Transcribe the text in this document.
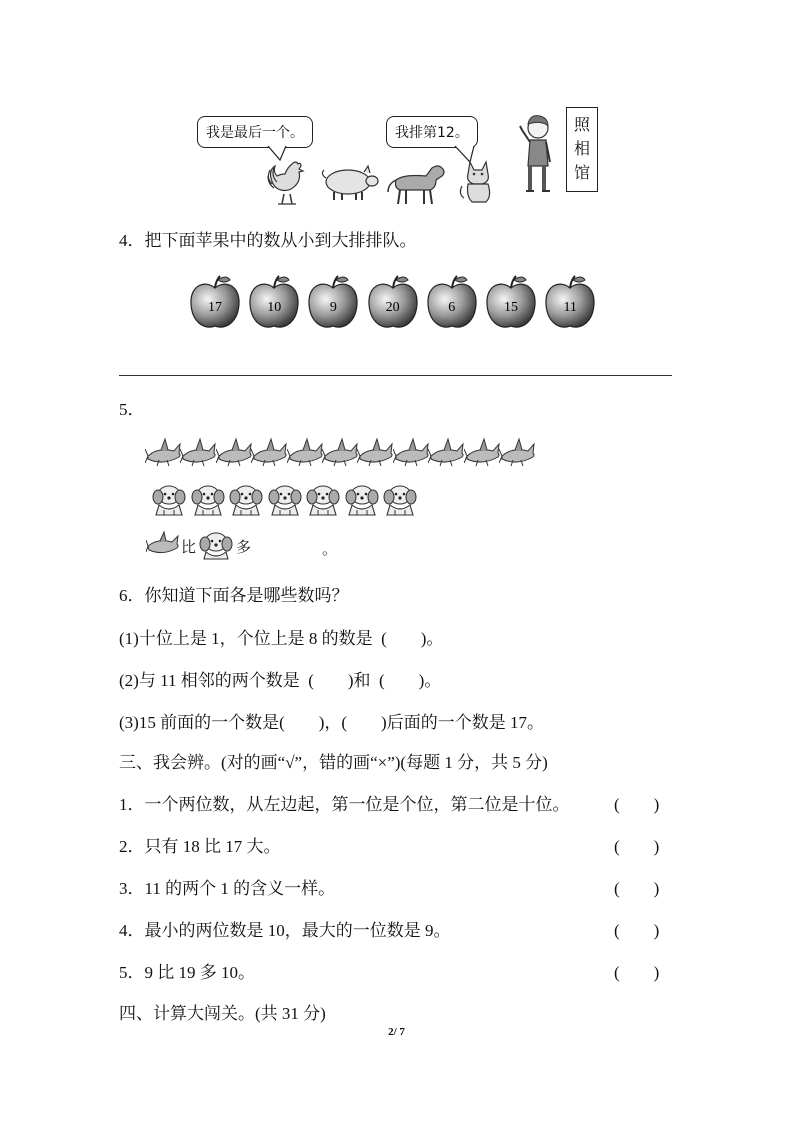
我是最后一个。	我排第12。	照
相
馆
4．把下面苹果中的数从小到大排排队。
17	10	9	20	6	15	11
5．
比	多	。
6．你知道下面各是哪些数吗？
(1)十位上是 1，个位上是 8 的数是  (        )。
(2)与 11 相邻的两个数是  (        )和  (        )。
(3)15 前面的一个数是(        )，(        )后面的一个数是 17。
三、我会辨。(对的画“√”，错的画“×”)(每题 1 分，共 5 分)
1．一个两位数，从左边起，第一位是个位，第二位是十位。	(        )
2．只有 18 比 17 大。	(        )
3．11 的两个 1 的含义一样。	(        )
4．最小的两位数是 10，最大的一位数是 9。	(        )
5．9 比 19 多 10。	(        )
四、计算大闯关。(共 31 分)
2/ 7
